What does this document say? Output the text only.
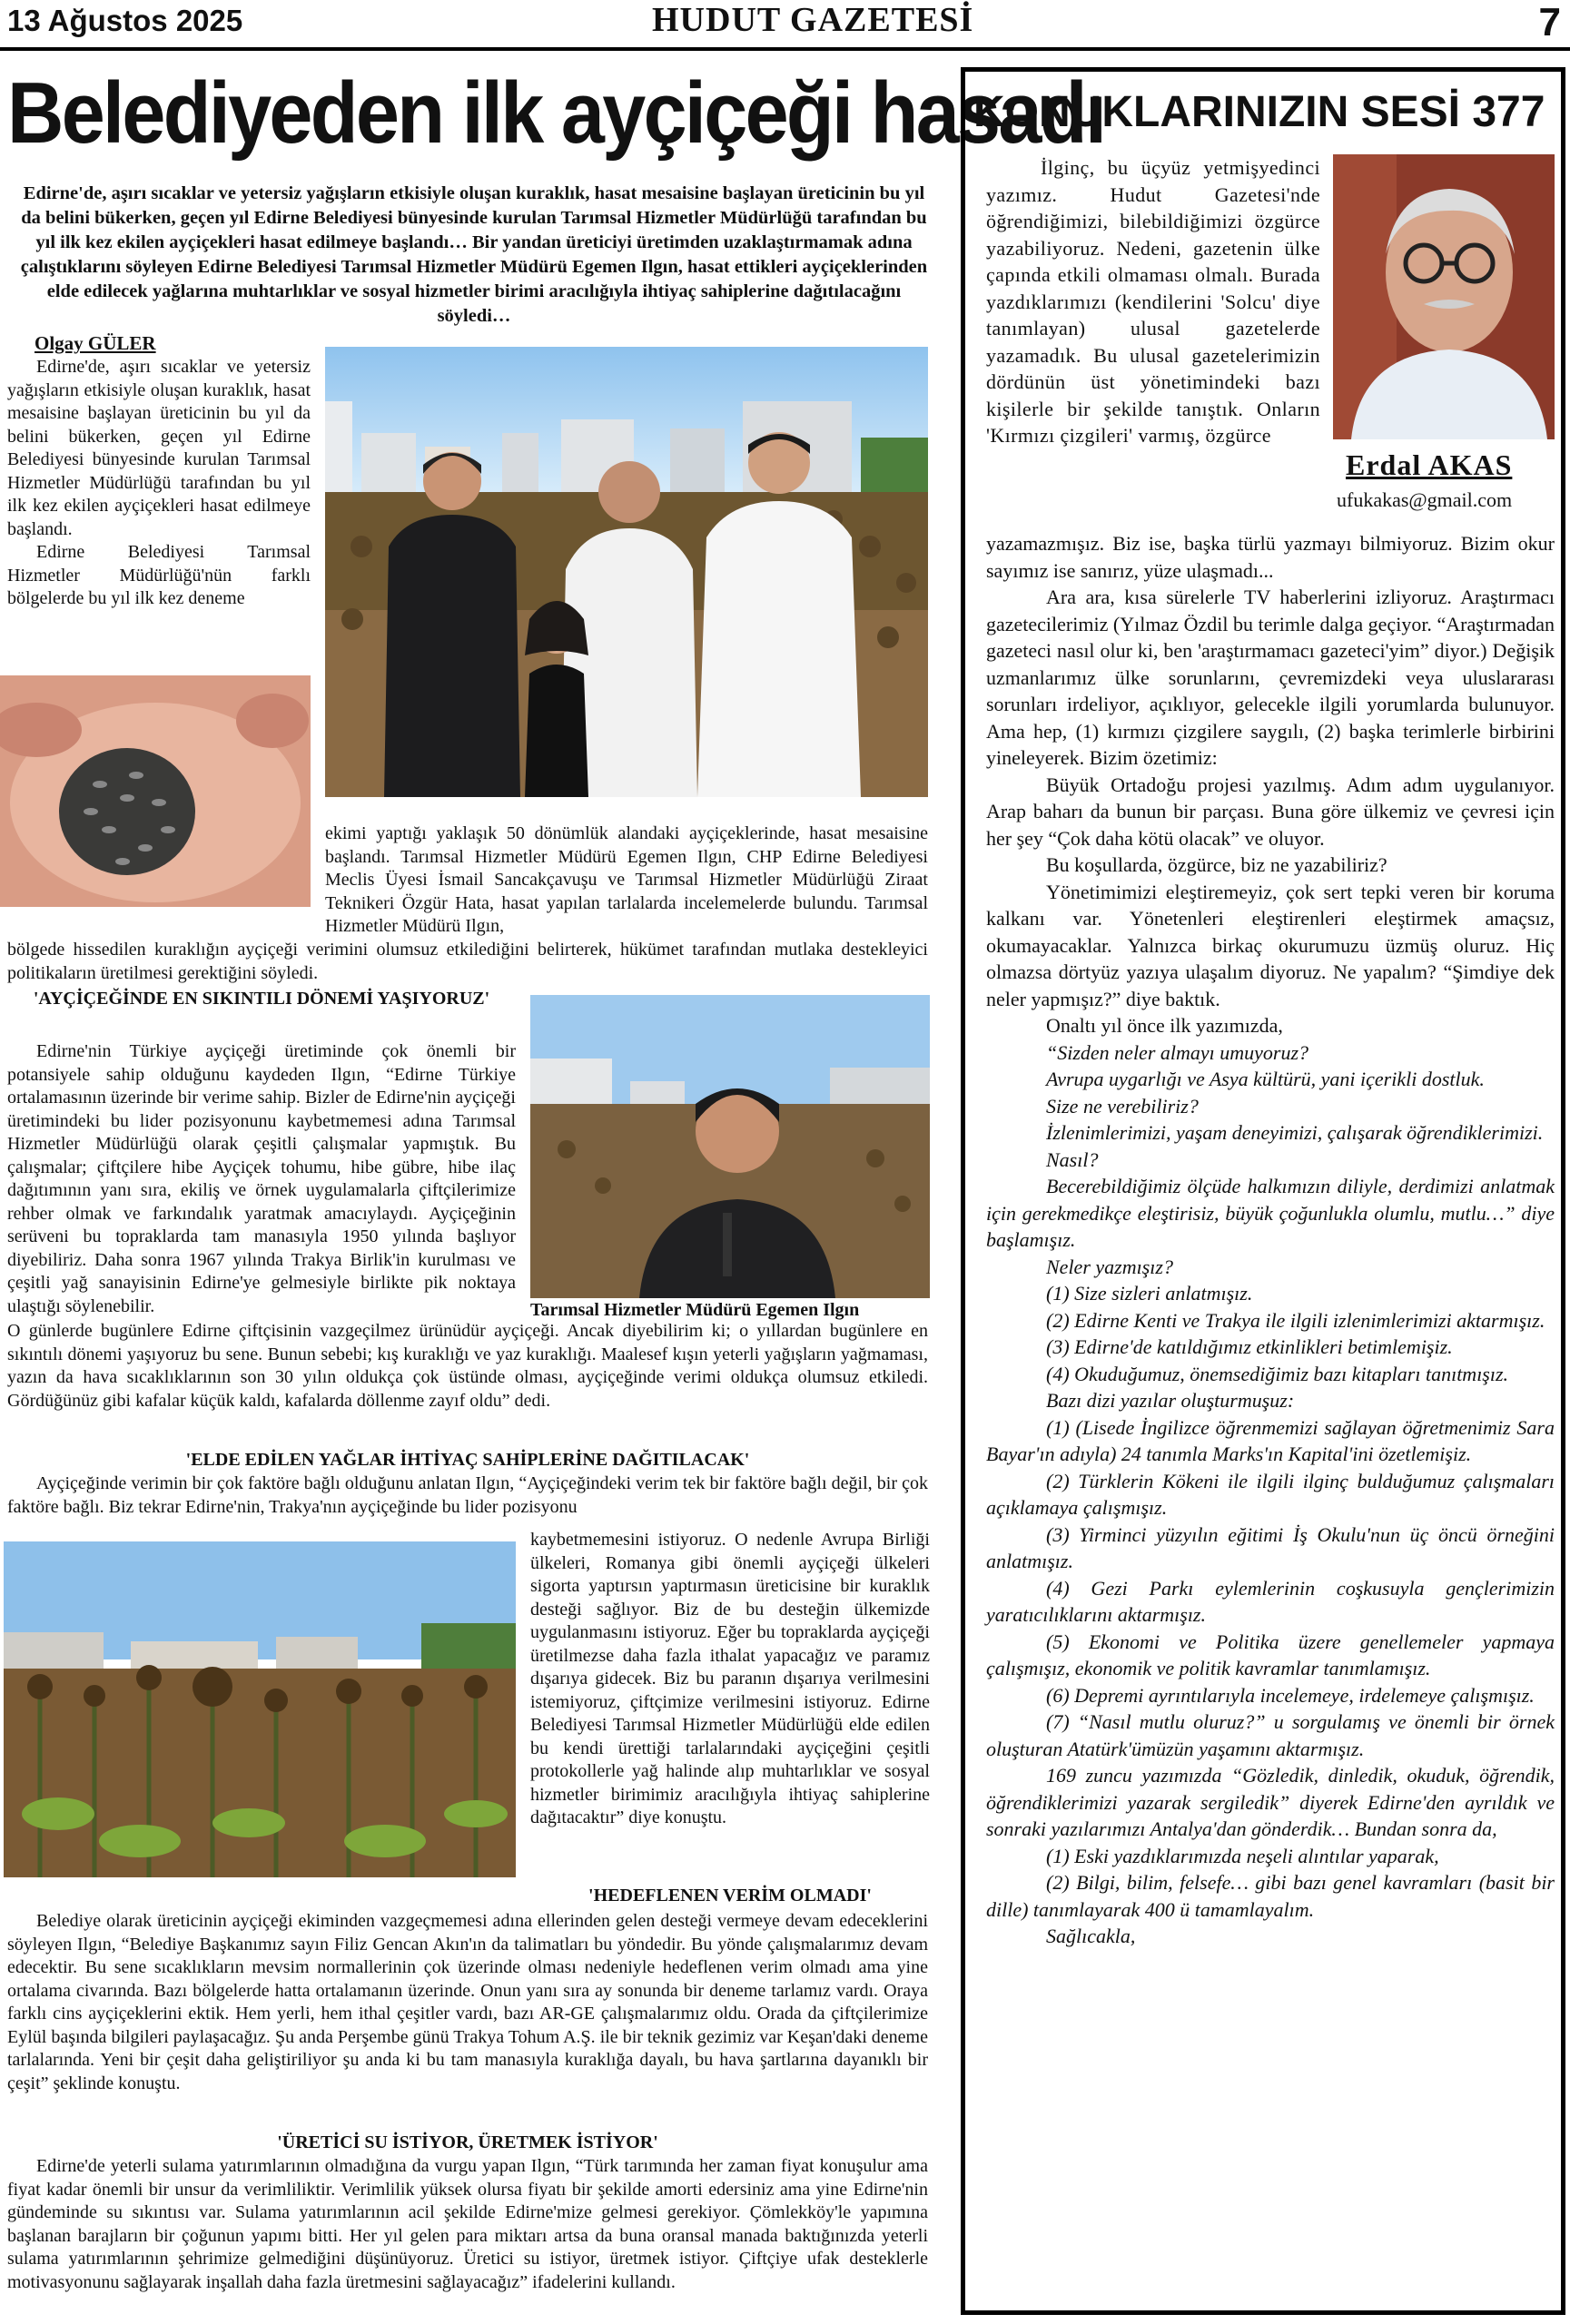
13 Ağustos 2025	HUDUT GAZETESİ	7
Belediyeden ilk ayçiçeği hasadı
Edirne'de, aşırı sıcaklar ve yetersiz yağışların etkisiyle oluşan kuraklık, hasat mesaisine başlayan üreticinin bu yıl da belini bükerken, geçen yıl Edirne Belediyesi bünyesinde kurulan Tarımsal Hizmetler Müdürlüğü tarafından bu yıl ilk kez ekilen ayçiçekleri hasat edilmeye başlandı… Bir yandan üreticiyi üretimden uzaklaştırmamak adına çalıştıklarını söyleyen Edirne Belediyesi Tarımsal Hizmetler Müdürü Egemen Ilgın, hasat ettikleri ayçiçeklerinden elde edilecek yağlarına muhtarlıklar ve sosyal hizmetler birimi aracılığıyla ihtiyaç sahiplerine dağıtılacağını söyledi…
Olgay GÜLER

Edirne'de, aşırı sıcaklar ve yetersiz yağışların etkisiyle oluşan kuraklık, hasat mesaisine başlayan üreticinin bu yıl da belini bükerken, geçen yıl Edirne Belediyesi bünyesinde kurulan Tarımsal Hizmetler Müdürlüğü tarafından bu yıl ilk kez ekilen ayçiçekleri hasat edilmeye başlandı.

Edirne Belediyesi Tarımsal Hizmetler Müdürlüğü'nün farklı bölgelerde bu yıl ilk kez deneme

ekimi yaptığı yaklaşık 50 dönümlük alandaki ayçiçeklerinde, hasat mesaisine başlandı. Tarımsal Hizmetler Müdürü Egemen Ilgın, CHP Edirne Belediyesi Meclis Üyesi İsmail Sancakçavuşu ve Tarımsal Hizmetler Müdürlüğü Ziraat Teknikeri Özgür Hata, hasat yapılan tarlalarda incelemelerde bulundu. Tarımsal Hizmetler Müdürü Ilgın,
bölgede hissedilen kuraklığın ayçiçeği verimini olumsuz etkilediğini belirterek, hükümet tarafından mutlaka destekleyici politikaların üretilmesi gerektiğini söyledi.
'AYÇİÇEĞİNDE EN SIKINTILI DÖNEMİ YAŞIYORUZ'

Edirne'nin Türkiye ayçiçeği üretiminde çok önemli bir potansiyele sahip olduğunu kaydeden Ilgın, “Edirne Türkiye ortalamasının üzerinde bir verime sahip. Bizler de Edirne'nin ayçiçeği üretimindeki bu lider pozisyonunu kaybetmemesi adına Tarımsal Hizmetler Müdürlüğü olarak çeşitli çalışmalar yapmıştık. Bu çalışmalar; çiftçilere hibe Ayçiçek tohumu, hibe gübre, hibe ilaç dağıtımının yanı sıra, ekiliş ve örnek uygulamalarla çiftçilerimize rehber olmak ve farkındalık yaratmak amacıylaydı. Ayçiçeğinin serüveni bu topraklarda tam manasıyla 1950 yılında başlıyor diyebiliriz. Daha sonra 1967 yılında Trakya Birlik'in kurulması ve çeşitli yağ sanayisinin Edirne'ye gelmesiyle birlikte pik noktaya ulaştığı söylenebilir.	Tarımsal Hizmetler Müdürü Egemen Ilgın
O günlerde bugünlere Edirne çiftçisinin vazgeçilmez ürünüdür ayçiçeği. Ancak diyebilirim ki; o yıllardan bugünlere en sıkıntılı dönemi yaşıyoruz bu sene. Bunun sebebi; kış kuraklığı ve yaz kuraklığı. Maalesef kışın yeterli yağışların yağmaması, yazın da hava sıcaklıklarının son 30 yılın oldukça çok üstünde olması, ayçiçeğinde verimi oldukça olumsuz etkiledi. Gördüğünüz gibi kafalar küçük kaldı, kafalarda döllenme zayıf oldu” dedi.
'ELDE EDİLEN YAĞLAR İHTİYAÇ SAHİPLERİNE DAĞITILACAK'

Ayçiçeğinde verimin bir çok faktöre bağlı olduğunu anlatan Ilgın, “Ayçiçeğindeki verim tek bir faktöre bağlı değil, bir çok faktöre bağlı. Biz tekrar Edirne'nin, Trakya'nın ayçiçeğinde bu lider pozisyonu

kaybetmemesini istiyoruz. O nedenle Avrupa Birliği ülkeleri, Romanya gibi önemli ayçiçeği ülkeleri sigorta yaptırsın yaptırmasın üreticisine bir kuraklık desteği sağlıyor. Biz de bu desteğin ülkemizde uygulanmasını istiyoruz. Eğer bu topraklarda ayçiçeği üretilmezse daha fazla ithalat yapacağız ve paramız dışarıya gidecek. Biz bu paranın dışarıya verilmesini istemiyoruz, çiftçimize verilmesini istiyoruz. Edirne Belediyesi Tarımsal Hizmetler Müdürlüğü elde edilen bu kendi ürettiği tarlalarındaki ayçiçeğini çeşitli protokollerle yağ halinde alıp muhtarlıklar ve sosyal hizmetler birimimiz aracılığıyla ihtiyaç sahiplerine dağıtacaktır” diye konuştu.
'HEDEFLENEN VERİM OLMADI'

Belediye olarak üreticinin ayçiçeği ekiminden vazgeçmemesi adına ellerinden gelen desteği vermeye devam edeceklerini söyleyen Ilgın, “Belediye Başkanımız sayın Filiz Gencan Akın'ın da talimatları bu yöndedir. Bu yönde çalışmalarımız devam edecektir. Bu sene sıcaklıkların mevsim normallerinin çok üzerinde olması nedeniyle hedeflenen verim olmadı ama yine ortalama civarında. Bazı bölgelerde hatta ortalamanın üzerinde. Onun yanı sıra ay sonunda bir deneme tarlamız vardı. Oraya farklı cins ayçiçeklerini ektik. Hem yerli, hem ithal çeşitler vardı, bazı AR-GE çalışmalarımız oldu. Orada da çiftçilerimize Eylül başında bilgileri paylaşacağız. Şu anda Perşembe günü Trakya Tohum A.Ş. ile bir teknik gezimiz var Keşan'daki deneme tarlalarında. Yeni bir çeşit daha geliştiriliyor şu anda ki bu tam manasıyla kuraklığa dayalı, bu hava şartlarına dayanıklı bir çeşit” şeklinde konuştu.

'ÜRETİCİ SU İSTİYOR, ÜRETMEK İSTİYOR'

Edirne'de yeterli sulama yatırımlarının olmadığına da vurgu yapan Ilgın, “Türk tarımında her zaman fiyat konuşulur ama fiyat kadar önemli bir unsur da verimliliktir. Verimlilik yüksek olursa fiyatı bir şekilde amorti edersiniz ama yine Edirne'nin gündeminde su sıkıntısı var. Sulama yatırımlarının acil şekilde Edirne'mize gelmesi gerekiyor. Çömlekköy'le yapımına başlanan barajların bir çoğunun yapımı bitti. Her yıl gelen para miktarı artsa da buna oransal manada baktığınızda yeterli sulama yatırımlarının şehrimize gelmediğini düşünüyoruz. Üretici su istiyor, üretmek istiyor. Çiftçiye ufak desteklerle motivasyonunu sağlayarak inşallah daha fazla üretmesini sağlayacağız” ifadelerini kullandı.

KONUKLARINIZIN SESİ 377
Erdal AKAS
ufukakas@gmail.com

İlginç, bu üçyüz yetmişyedinci yazımız. Hudut Gazetesi'nde öğrendiğimizi, bilebildiğimizi özgürce yazabiliyoruz. Nedeni, gazetenin ülke çapında etkili olmaması olmalı. Burada yazdıklarımızı (kendilerini 'Solcu' diye tanımlayan) ulusal gazetelerde yazamadık. Bu ulusal gazetelerimizin dördünün üst yönetimindeki bazı kişilerle bir şekilde tanıştık. Onların 'Kırmızı çizgileri' varmış, özgürce

yazamazmışız. Biz ise, başka türlü yazmayı bilmiyoruz. Bizim okur sayımız ise sanırız, yüze ulaşmadı...

Ara ara, kısa sürelerle TV haberlerini izliyoruz. Araştırmacı gazetecilerimiz (Yılmaz Özdil bu terimle dalga geçiyor. “Araştırmadan gazeteci nasıl olur ki, ben 'araştırmamacı gazeteci'yim” diyor.) Değişik uzmanlarımız ülke sorunlarını, çevremizdeki veya uluslararası sorunları irdeliyor, açıklıyor, gelecekle ilgili yorumlarda bulunuyor. Ama hep, (1) kırmızı çizgilere saygılı, (2) başka terimlerle birbirini yineleyerek. Bizim özetimiz:

Büyük Ortadoğu projesi yazılmış. Adım adım uygulanıyor. Arap baharı da bunun bir parçası. Buna göre ülkemiz ve çevresi için her şey “Çok daha kötü olacak” ve oluyor.

Bu koşullarda, özgürce, biz ne yazabiliriz?

Yönetimimizi eleştiremeyiz, çok sert tepki veren bir koruma kalkanı var. Yönetenleri eleştirenleri eleştirmek amaçsız, okumayacaklar. Yalnızca birkaç okurumuzu üzmüş oluruz. Hiç olmazsa dörtyüz yazıya ulaşalım diyoruz. Ne yapalım? “Şimdiye dek neler yapmışız?” diye baktık.

Onaltı yıl önce ilk yazımızda,

“Sizden neler almayı umuyoruz?

Avrupa uygarlığı ve Asya kültürü, yani içerikli dostluk.

Size ne verebiliriz?

İzlenimlerimizi, yaşam deneyimizi, çalışarak öğrendiklerimizi.

Nasıl?

Becerebildiğimiz ölçüde halkımızın diliyle, derdimizi anlatmak için gerekmedikçe eleştirisiz, büyük çoğunlukla olumlu, mutlu…” diye başlamışız.

Neler yazmışız?

(1) Size sizleri anlatmışız.

(2) Edirne Kenti ve Trakya ile ilgili izlenimlerimizi aktarmışız.

(3) Edirne'de katıldığımız etkinlikleri betimlemişiz.

(4) Okuduğumuz, önemsediğimiz bazı kitapları tanıtmışız.

Bazı dizi yazılar oluşturmuşuz:

(1) (Lisede İngilizce öğrenmemizi sağlayan öğretmenimiz Sara Bayar'ın adıyla) 24 tanımla Marks'ın Kapital'ini özetlemişiz.

(2) Türklerin Kökeni ile ilgili ilginç bulduğumuz çalışmaları açıklamaya çalışmışız.

(3) Yirminci yüzyılın eğitimi İş Okulu'nun üç öncü örneğini anlatmışız.

(4) Gezi Parkı eylemlerinin coşkusuyla gençlerimizin yaratıcılıklarını aktarmışız.

(5) Ekonomi ve Politika üzere genellemeler yapmaya çalışmışız, ekonomik ve politik kavramlar tanımlamışız.

(6) Depremi ayrıntılarıyla incelemeye, irdelemeye çalışmışız.

(7) “Nasıl mutlu oluruz?” u sorgulamış ve önemli bir örnek oluşturan Atatürk'ümüzün yaşamını aktarmışız.

169 zuncu yazımızda “Gözledik, dinledik, okuduk, öğrendik, öğrendiklerimizi yazarak sergiledik” diyerek Edirne'den ayrıldık ve sonraki yazılarımızı Antalya'dan gönderdik… Bundan sonra da,

(1) Eski yazdıklarımızda neşeli alıntılar yaparak,

(2) Bilgi, bilim, felsefe… gibi bazı genel kavramları (basit bir dille) tanımlayarak 400 ü tamamlayalım.

Sağlıcakla,
